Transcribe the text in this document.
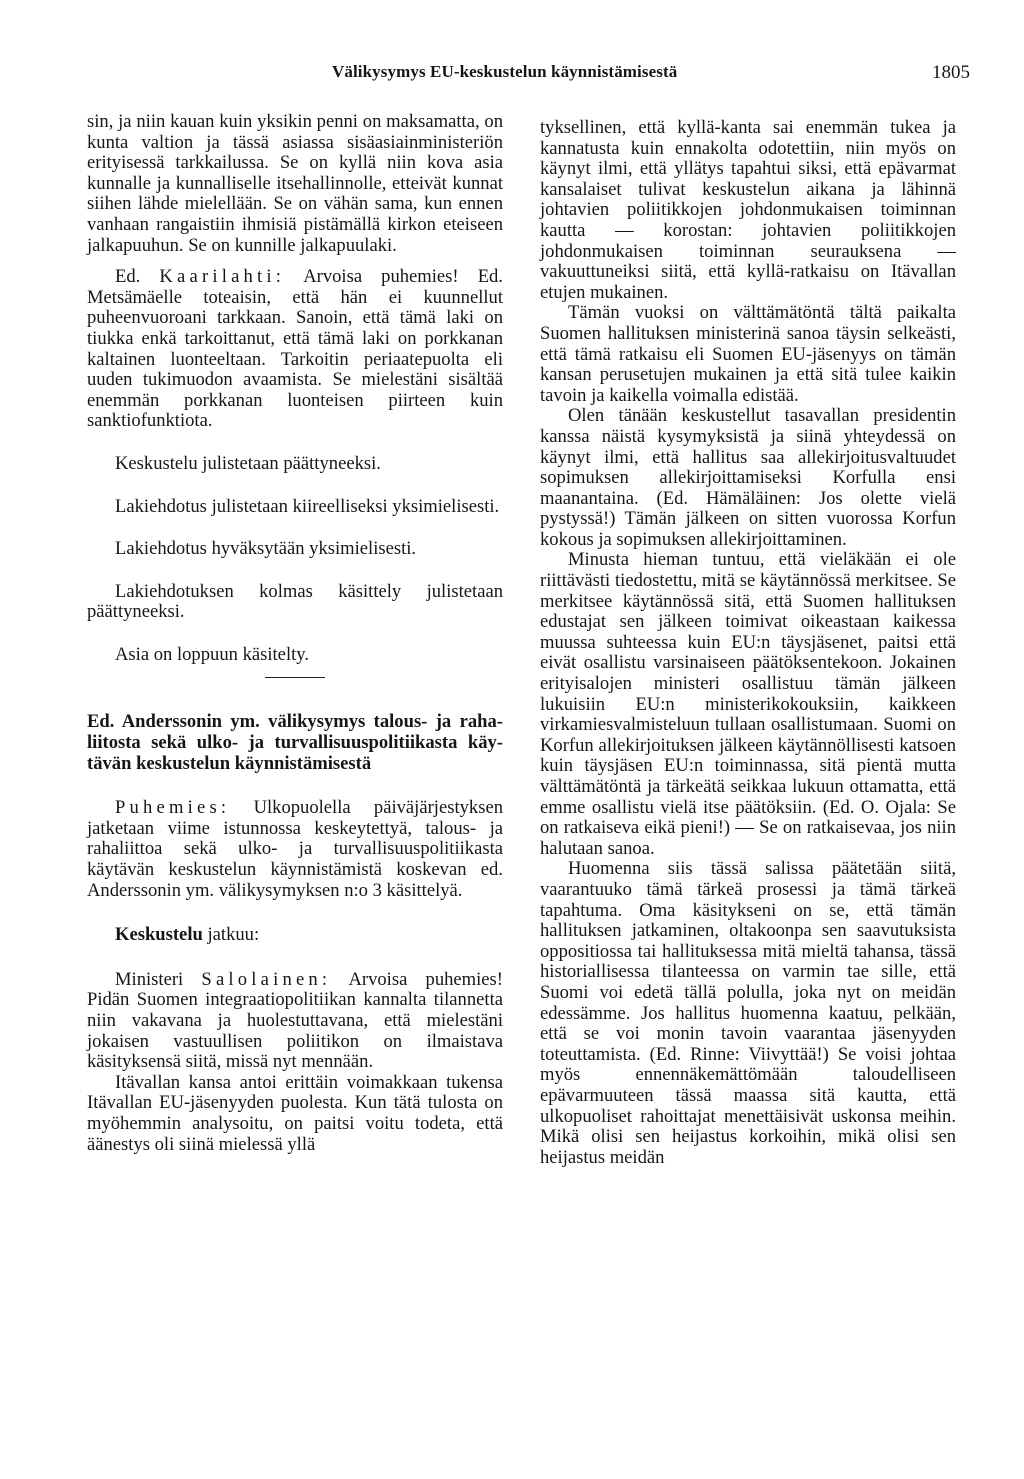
Välikysymys EU-keskustelun käynnistämisestä	1805

sin, ja niin kauan kuin yksikin penni on maksamatta, on kunta valtion ja tässä asiassa sisäasiainministeriön erityisessä tarkkailussa. Se on kyllä niin kova asia kunnalle ja kunnalliselle itsehallinnolle, etteivät kunnat siihen lähde mielellään. Se on vähän sama, kun ennen vanhaan rangaistiin ihmisiä pistämällä kirkon eteiseen jalkapuuhun. Se on kunnille jalkapuulaki.

Ed. Kaarilahti: Arvoisa puhemies! Ed. Metsämäelle toteaisin, että hän ei kuunnellut puheenvuoroani tarkkaan. Sanoin, että tämä laki on tiukka enkä tarkoittanut, että tämä laki on porkkanan kaltainen luonteeltaan. Tarkoitin periaatepuolta eli uuden tukimuodon avaamista. Se mielestäni sisältää enemmän porkkanan luonteisen piirteen kuin sanktiofunktiota.

Keskustelu julistetaan päättyneeksi.

Lakiehdotus julistetaan kiireelliseksi yksimielisesti.

Lakiehdotus hyväksytään yksimielisesti.

Lakiehdotuksen kolmas käsittely julistetaan päättyneeksi.

Asia on loppuun käsitelty.

Ed. Anderssonin ym. välikysymys talous- ja rahaliitosta sekä ulko- ja turvallisuuspolitiikasta käytävän keskustelun käynnistämisestä

Puhemies: Ulkopuolella päiväjärjestyksen jatketaan viime istunnossa keskeytettyä, talous- ja rahaliittoa sekä ulko- ja turvallisuuspolitiikasta käytävän keskustelun käynnistämistä koskevan ed. Anderssonin ym. välikysymyksen n:o 3 käsittelyä.

Keskustelu jatkuu:

Ministeri Salolainen: Arvoisa puhemies! Pidän Suomen integraatiopolitiikan kannalta tilannetta niin vakavana ja huolestuttavana, että mielestäni jokaisen vastuullisen poliitikon on ilmaistava käsityksensä siitä, missä nyt mennään.

Itävallan kansa antoi erittäin voimakkaan tukensa Itävallan EU-jäsenyyden puolesta. Kun tätä tulosta on myöhemmin analysoitu, on paitsi voitu todeta, että äänestys oli siinä mielessä yllä

tyksellinen, että kyllä-kanta sai enemmän tukea ja kannatusta kuin ennakolta odotettiin, niin myös on käynyt ilmi, että yllätys tapahtui siksi, että epävarmat kansalaiset tulivat keskustelun aikana ja lähinnä johtavien poliitikkojen johdonmukaisen toiminnan kautta — korostan: johtavien poliitikkojen johdonmukaisen toiminnan seurauksena — vakuuttuneiksi siitä, että kyllä-ratkaisu on Itävallan etujen mukainen.

Tämän vuoksi on välttämätöntä tältä paikalta Suomen hallituksen ministerinä sanoa täysin selkeästi, että tämä ratkaisu eli Suomen EU-jäsenyys on tämän kansan perusetujen mukainen ja että sitä tulee kaikin tavoin ja kaikella voimalla edistää.

Olen tänään keskustellut tasavallan presidentin kanssa näistä kysymyksistä ja siinä yhteydessä on käynyt ilmi, että hallitus saa allekirjoitusvaltuudet sopimuksen allekirjoittamiseksi Korfulla ensi maanantaina. (Ed. Hämäläinen: Jos olette vielä pystyssä!) Tämän jälkeen on sitten vuorossa Korfun kokous ja sopimuksen allekirjoittaminen.

Minusta hieman tuntuu, että vieläkään ei ole riittävästi tiedostettu, mitä se käytännössä merkitsee. Se merkitsee käytännössä sitä, että Suomen hallituksen edustajat sen jälkeen toimivat oikeastaan kaikessa muussa suhteessa kuin EU:n täysjäsenet, paitsi että eivät osallistu varsinaiseen päätöksentekoon. Jokainen erityisalojen ministeri osallistuu tämän jälkeen lukuisiin EU:n ministerikokouksiin, kaikkeen virkamiesvalmisteluun tullaan osallistumaan. Suomi on Korfun allekirjoituksen jälkeen käytännöllisesti katsoen kuin täysjäsen EU:n toiminnassa, sitä pientä mutta välttämätöntä ja tärkeätä seikkaa lukuun ottamatta, että emme osallistu vielä itse päätöksiin. (Ed. O. Ojala: Se on ratkaiseva eikä pieni!) — Se on ratkaisevaa, jos niin halutaan sanoa.

Huomenna siis tässä salissa päätetään siitä, vaarantuuko tämä tärkeä prosessi ja tämä tärkeä tapahtuma. Oma käsitykseni on se, että tämän hallituksen jatkaminen, oltakoonpa sen saavutuksista oppositiossa tai hallituksessa mitä mieltä tahansa, tässä historiallisessa tilanteessa on varmin tae sille, että Suomi voi edetä tällä polulla, joka nyt on meidän edessämme. Jos hallitus huomenna kaatuu, pelkään, että se voi monin tavoin vaarantaa jäsenyyden toteuttamista. (Ed. Rinne: Viivyttää!) Se voisi johtaa myös ennennäkemättömään taloudelliseen epävarmuuteen tässä maassa sitä kautta, että ulkopuoliset rahoittajat menettäisivät uskonsa meihin. Mikä olisi sen heijastus korkoihin, mikä olisi sen heijastus meidän
